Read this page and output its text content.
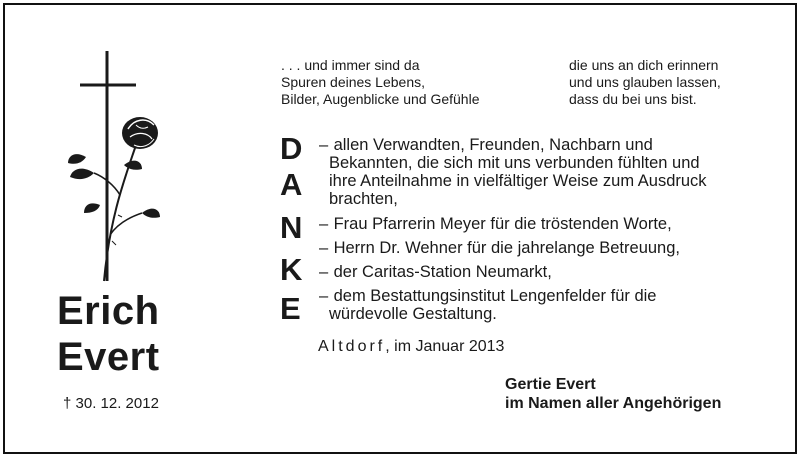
Erich
Evert
† 30. 12. 2012
. . . und immer sind da
Spuren deines Lebens,
Bilder, Augenblicke und Gefühle
die uns an dich erinnern
und uns glauben lassen,
dass du bei uns bist.
D
A
N
K
E
– allen Verwandten, Freunden, Nachbarn und
Bekannten, die sich mit uns verbunden fühlten und
ihre Anteilnahme in vielfältiger Weise zum Ausdruck
brachten,
– Frau Pfarrerin Meyer für die tröstenden Worte,
– Herrn Dr. Wehner für die jahrelange Betreuung,
– der Caritas-Station Neumarkt,
– dem Bestattungsinstitut Lengenfelder für die
würdevolle Gestaltung.
Altdorf, im Januar 2013
Gertie Evert
im Namen aller Angehörigen
